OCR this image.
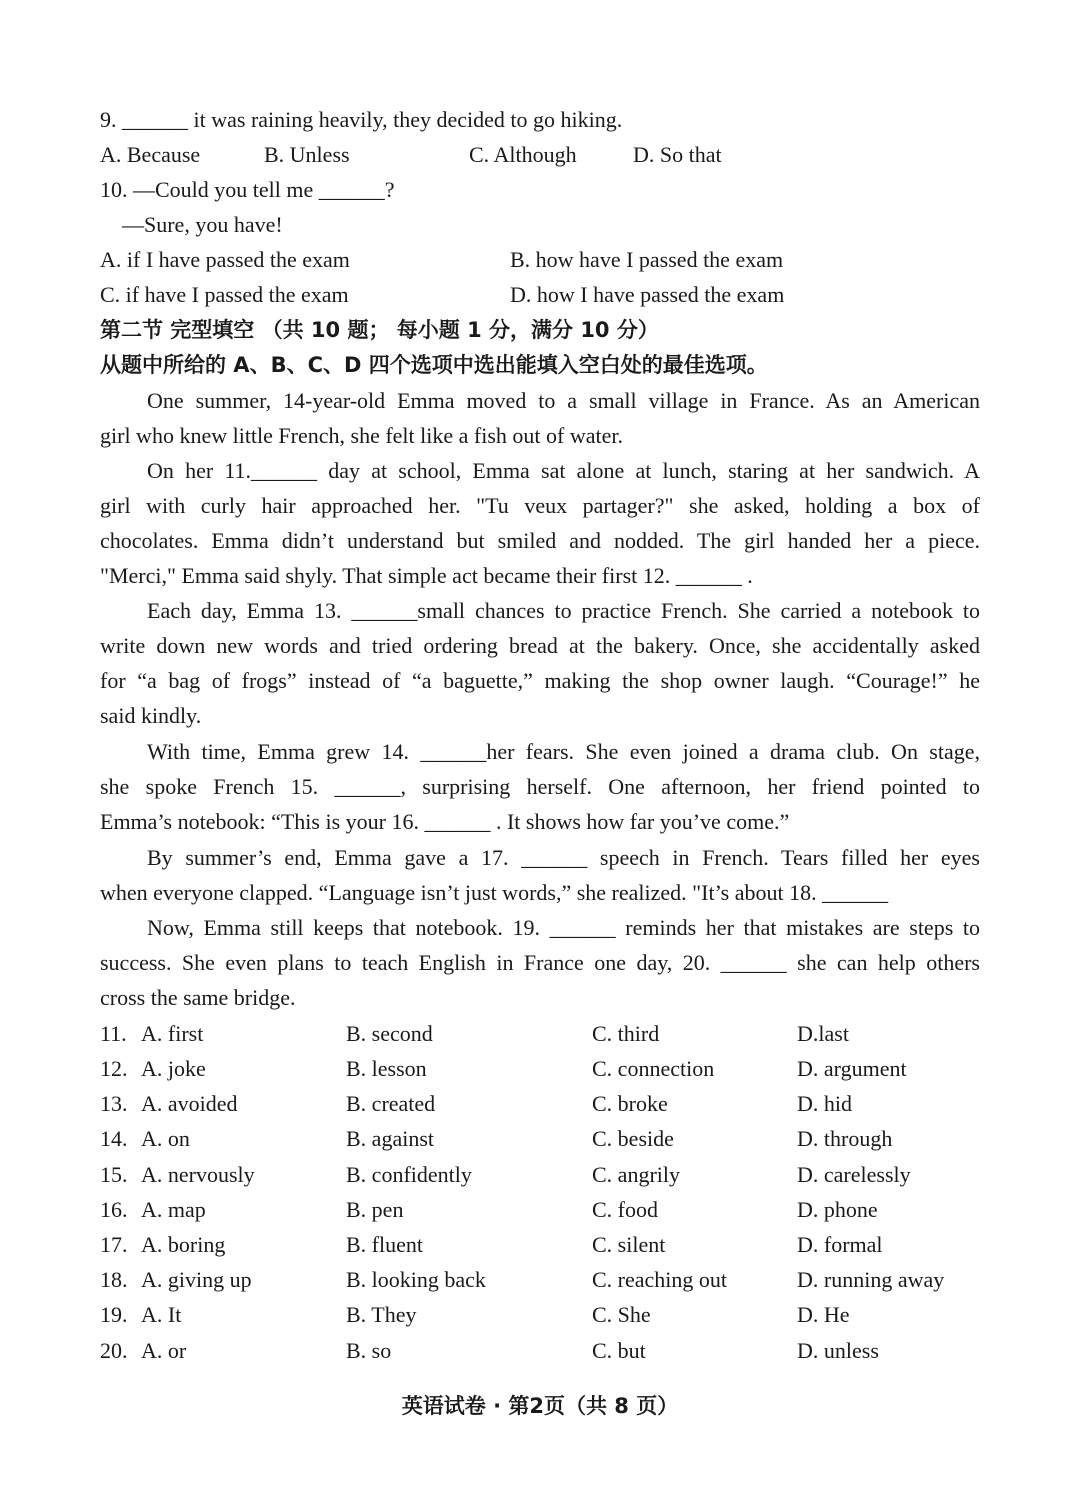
9. ______ it was raining heavily, they decided to go hiking.
A. Because	B. Unless	C. Although	D. So that
10. —Could you tell me ______?
—Sure, you have!
A. if I have passed the exam	B. how have I passed the exam
C. if have I passed the exam	D. how I have passed the exam
第二节 完型填空 （共 10 题； 每小题 1 分，满分 10 分）
从题中所给的 A、B、C、D 四个选项中选出能填入空白处的最佳选项。
One summer, 14-year-old Emma moved to a small village in France. As an American
girl who knew little French, she felt like a fish out of water.
On her 11.______ day at school, Emma sat alone at lunch, staring at her sandwich. A
girl with curly hair approached her. "Tu veux partager?" she asked, holding a box of
chocolates. Emma didn’t understand but smiled and nodded. The girl handed her a piece.
"Merci," Emma said shyly. That simple act became their first 12. ______ .
Each day, Emma 13. ______small chances to practice French. She carried a notebook to
write down new words and tried ordering bread at the bakery. Once, she accidentally asked
for “a bag of frogs” instead of “a baguette,” making the shop owner laugh. “Courage!” he
said kindly.
With time, Emma grew 14. ______her fears. She even joined a drama club. On stage,
she spoke French 15. ______, surprising herself. One afternoon, her friend pointed to
Emma’s notebook: “This is your 16. ______ . It shows how far you’ve come.”
By summer’s end, Emma gave a 17. ______ speech in French. Tears filled her eyes
when everyone clapped. “Language isn’t just words,” she realized. "It’s about 18. ______
Now, Emma still keeps that notebook. 19. ______ reminds her that mistakes are steps to
success. She even plans to teach English in France one day, 20. ______ she can help others
cross the same bridge.
11. A. first	B. second	C. third	D.last
12. A. joke	B. lesson	C. connection	D. argument
13. A. avoided	B. created	C. broke	D. hid
14. A. on	B. against	C. beside	D. through
15. A. nervously	B. confidently	C. angrily	D. carelessly
16. A. map	B. pen	C. food	D. phone
17. A. boring	B. fluent	C. silent	D. formal
18. A. giving up	B. looking back	C. reaching out	D. running away
19. A. It	B. They	C. She	D. He
20. A. or	B. so	C. but	D. unless
英语试卷 · 第2页（共 8 页）
